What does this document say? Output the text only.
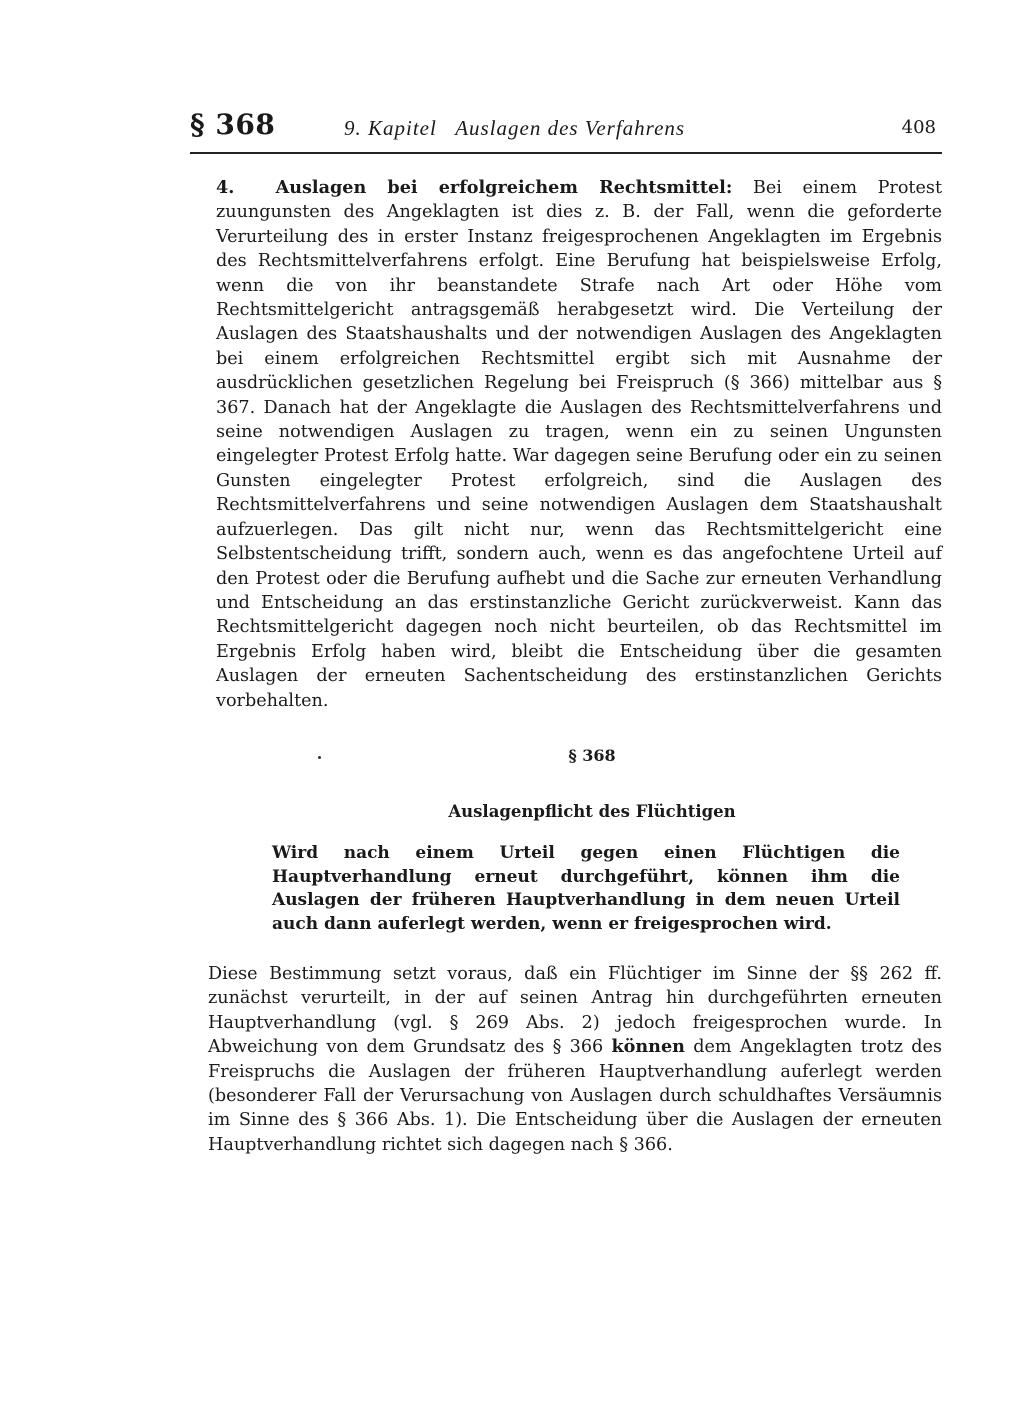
§ 368	9. Kapitel   Auslagen des Verfahrens	408
4. Auslagen bei erfolgreichem Rechtsmittel: Bei einem Protest zuungunsten des Angeklagten ist dies z. B. der Fall, wenn die geforderte Verurteilung des in erster Instanz freigesprochenen Angeklagten im Ergebnis des Rechtsmittelverfahrens erfolgt. Eine Berufung hat beispielsweise Erfolg, wenn die von ihr beanstandete Strafe nach Art oder Höhe vom Rechtsmittelgericht antragsgemäß herabgesetzt wird. Die Verteilung der Auslagen des Staatshaushalts und der notwendigen Auslagen des Angeklagten bei einem erfolgreichen Rechtsmittel ergibt sich mit Ausnahme der ausdrücklichen gesetzlichen Regelung bei Freispruch (§ 366) mittelbar aus § 367. Danach hat der Angeklagte die Auslagen des Rechtsmittelverfahrens und seine notwendigen Auslagen zu tragen, wenn ein zu seinen Ungunsten eingelegter Protest Erfolg hatte. War dagegen seine Berufung oder ein zu seinen Gunsten eingelegter Protest erfolgreich, sind die Auslagen des Rechtsmittelverfahrens und seine notwendigen Auslagen dem Staatshaushalt aufzuerlegen. Das gilt nicht nur, wenn das Rechtsmittelgericht eine Selbstentscheidung trifft, sondern auch, wenn es das angefochtene Urteil auf den Protest oder die Berufung aufhebt und die Sache zur erneuten Verhandlung und Entscheidung an das erstinstanzliche Gericht zurückverweist. Kann das Rechtsmittelgericht dagegen noch nicht beurteilen, ob das Rechtsmittel im Ergebnis Erfolg haben wird, bleibt die Entscheidung über die gesamten Auslagen der erneuten Sachentscheidung des erstinstanzlichen Gerichts vorbehalten.
§ 368
Auslagenpflicht des Flüchtigen
Wird nach einem Urteil gegen einen Flüchtigen die Hauptverhandlung erneut durchgeführt, können ihm die Auslagen der früheren Hauptverhandlung in dem neuen Urteil auch dann auferlegt werden, wenn er freigesprochen wird.
Diese Bestimmung setzt voraus, daß ein Flüchtiger im Sinne der §§ 262 ff. zunächst verurteilt, in der auf seinen Antrag hin durchgeführten erneuten Hauptverhandlung (vgl. § 269 Abs. 2) jedoch freigesprochen wurde. In Abweichung von dem Grundsatz des § 366 können dem Angeklagten trotz des Freispruchs die Auslagen der früheren Hauptverhandlung auferlegt werden (besonderer Fall der Verursachung von Auslagen durch schuldhaftes Versäumnis im Sinne des § 366 Abs. 1). Die Entscheidung über die Auslagen der erneuten Hauptverhandlung richtet sich dagegen nach § 366.
